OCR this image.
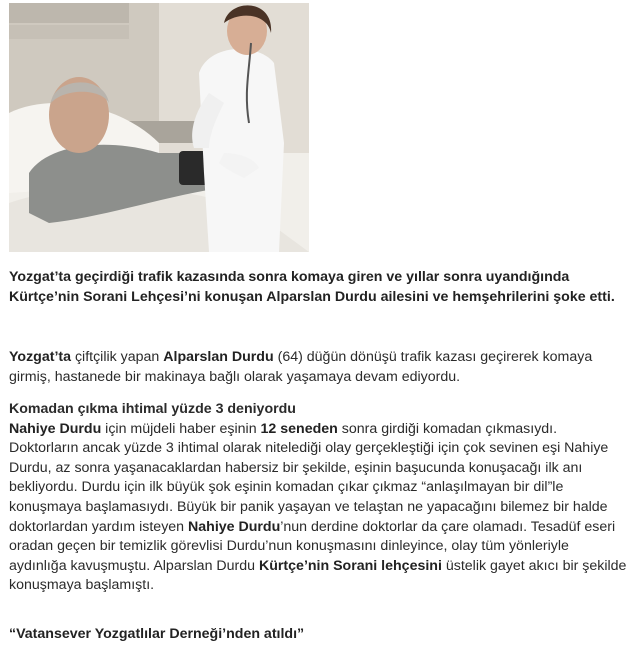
Yozgat’ta geçirdiği trafik kazasında sonra komaya giren ve yıllar sonra uyandığında Kürtçe’nin Sorani Lehçesi’ni konuşan Alparslan Durdu ailesini ve hemşehrilerini şoke etti.
Yozgat’ta çiftçilik yapan Alparslan Durdu (64) düğün dönüşü trafik kazası geçirerek komaya girmiş, hastanede bir makinaya bağlı olarak yaşamaya devam ediyordu.
Komadan çıkma ihtimal yüzde 3 deniyordu
Nahiye Durdu için müjdeli haber eşinin 12 seneden sonra girdiği komadan çıkmasıydı. Doktorların ancak yüzde 3 ihtimal olarak nitelediği olay gerçekleştiği için çok sevinen eşi Nahiye Durdu, az sonra yaşanacaklardan habersiz bir şekilde, eşinin başucunda konuşacağı ilk anı bekliyordu. Durdu için ilk büyük şok eşinin komadan çıkar çıkmaz “anlaşılmayan bir dil”le konuşmaya başlamasıydı. Büyük bir panik yaşayan ve telaştan ne yapacağını bilemez bir halde doktorlardan yardım isteyen Nahiye Durdu’nun derdine doktorlar da çare olamadı. Tesadüf eseri oradan geçen bir temizlik görevlisi Durdu’nun konuşmasını dinleyince, olay tüm yönleriyle aydınlığa kavuşmuştu. Alparslan Durdu Kürtçe’nin Sorani lehçesini üstelik gayet akıcı bir şekilde konuşmaya başlamıştı.
“Vatansever Yozgatlılar Derneği’nden atıldı”
